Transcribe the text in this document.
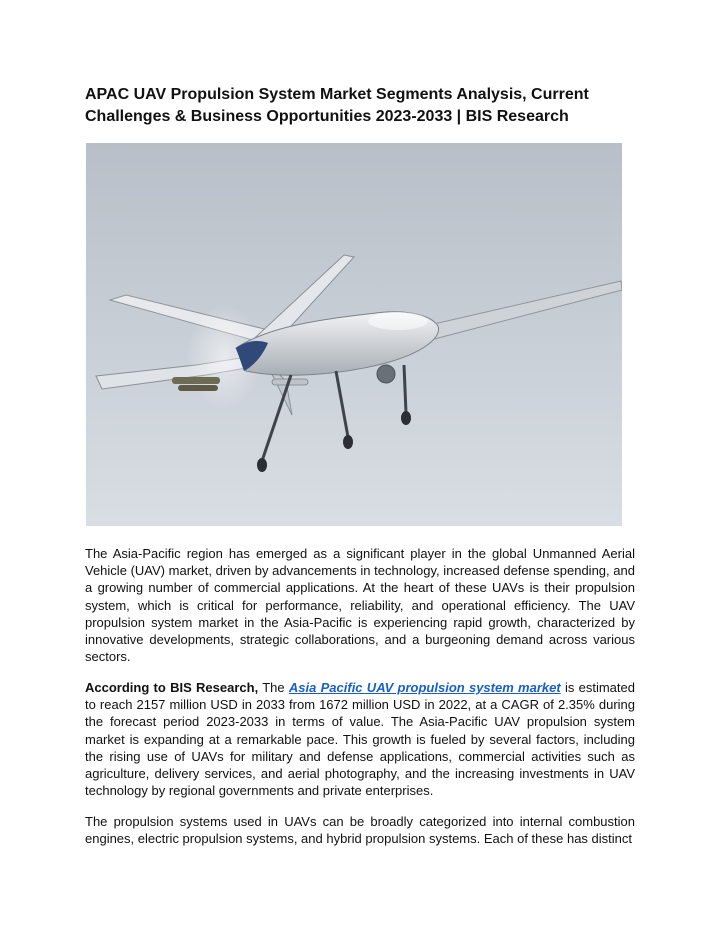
APAC UAV Propulsion System Market Segments Analysis, Current
Challenges & Business Opportunities 2023-2033 | BIS Research

The Asia-Pacific region has emerged as a significant player in the global Unmanned Aerial Vehicle (UAV) market, driven by advancements in technology, increased defense spending, and a growing number of commercial applications. At the heart of these UAVs is their propulsion system, which is critical for performance, reliability, and operational efficiency. The UAV propulsion system market in the Asia-Pacific is experiencing rapid growth, characterized by innovative developments, strategic collaborations, and a burgeoning demand across various sectors.

According to BIS Research, The Asia Pacific UAV propulsion system market is estimated to reach 2157 million USD in 2033 from 1672 million USD in 2022, at a CAGR of 2.35% during the forecast period 2023-2033 in terms of value. The Asia-Pacific UAV propulsion system market is expanding at a remarkable pace. This growth is fueled by several factors, including the rising use of UAVs for military and defense applications, commercial activities such as agriculture, delivery services, and aerial photography, and the increasing investments in UAV technology by regional governments and private enterprises.

The propulsion systems used in UAVs can be broadly categorized into internal combustion engines, electric propulsion systems, and hybrid propulsion systems. Each of these has distinct
